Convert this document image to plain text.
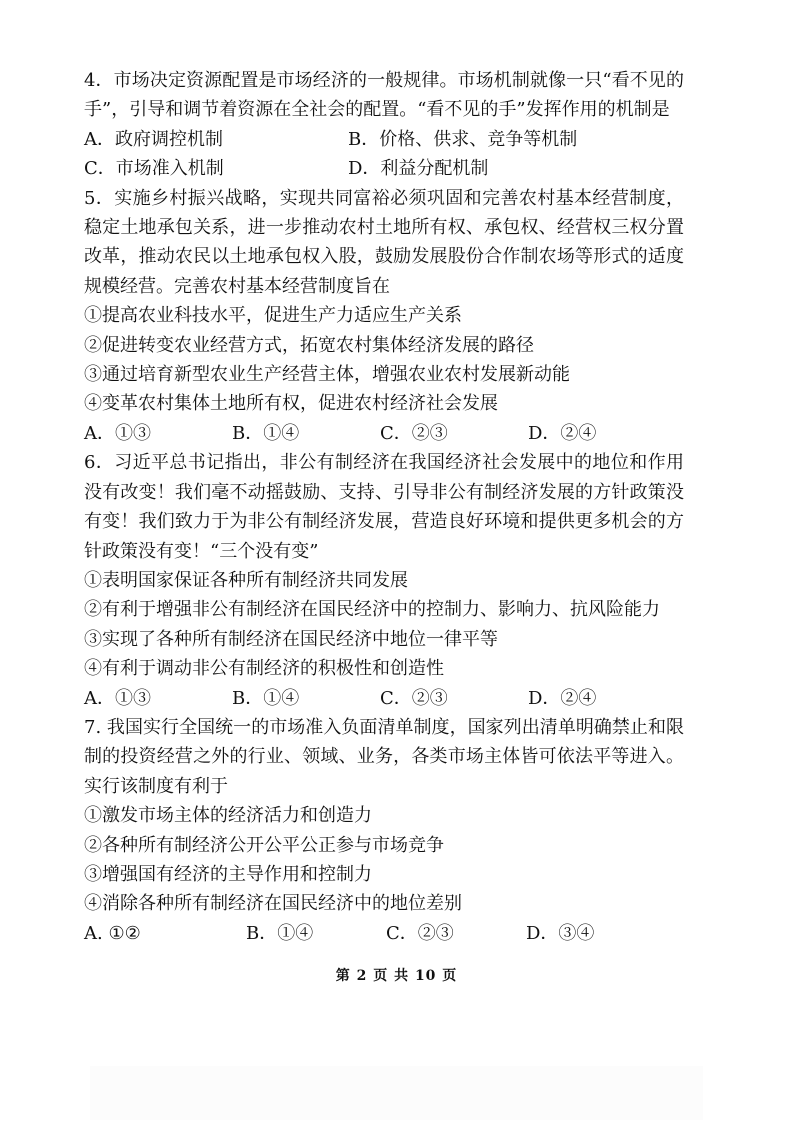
4．市场决定资源配置是市场经济的一般规律。市场机制就像一只“看不见的手”，引导和调节着资源在全社会的配置。“看不见的手”发挥作用的机制是

A．政府调控机制	B．价格、供求、竞争等机制
C．市场准入机制	D．利益分配机制

5．实施乡村振兴战略，实现共同富裕必须巩固和完善农村基本经营制度，稳定土地承包关系，进一步推动农村土地所有权、承包权、经营权三权分置改革，推动农民以土地承包权入股，鼓励发展股份合作制农场等形式的适度规模经营。完善农村基本经营制度旨在

①提高农业科技水平，促进生产力适应生产关系

②促进转变农业经营方式，拓宽农村集体经济发展的路径

③通过培育新型农业生产经营主体，增强农业农村发展新动能

④变革农村集体土地所有权，促进农村经济社会发展

A．①③	B．①④	C．②③	D．②④

6．习近平总书记指出，非公有制经济在我国经济社会发展中的地位和作用没有改变！我们毫不动摇鼓励、支持、引导非公有制经济发展的方针政策没有变！我们致力于为非公有制经济发展，营造良好环境和提供更多机会的方针政策没有变！“三个没有变”

①表明国家保证各种所有制经济共同发展

②有利于增强非公有制经济在国民经济中的控制力、影响力、抗风险能力

③实现了各种所有制经济在国民经济中地位一律平等

④有利于调动非公有制经济的积极性和创造性

A．①③	B．①④	C．②③	D．②④

7. 我国实行全国统一的市场准入负面清单制度，国家列出清单明确禁止和限制的投资经营之外的行业、领域、业务，各类市场主体皆可依法平等进入。实行该制度有利于

①激发市场主体的经济活力和创造力

②各种所有制经济公开公平公正参与市场竞争

③增强国有经济的主导作用和控制力

④消除各种所有制经济在国民经济中的地位差别

A. ①②	B．①④	C．②③	D．③④
第 2 页 共 10 页
